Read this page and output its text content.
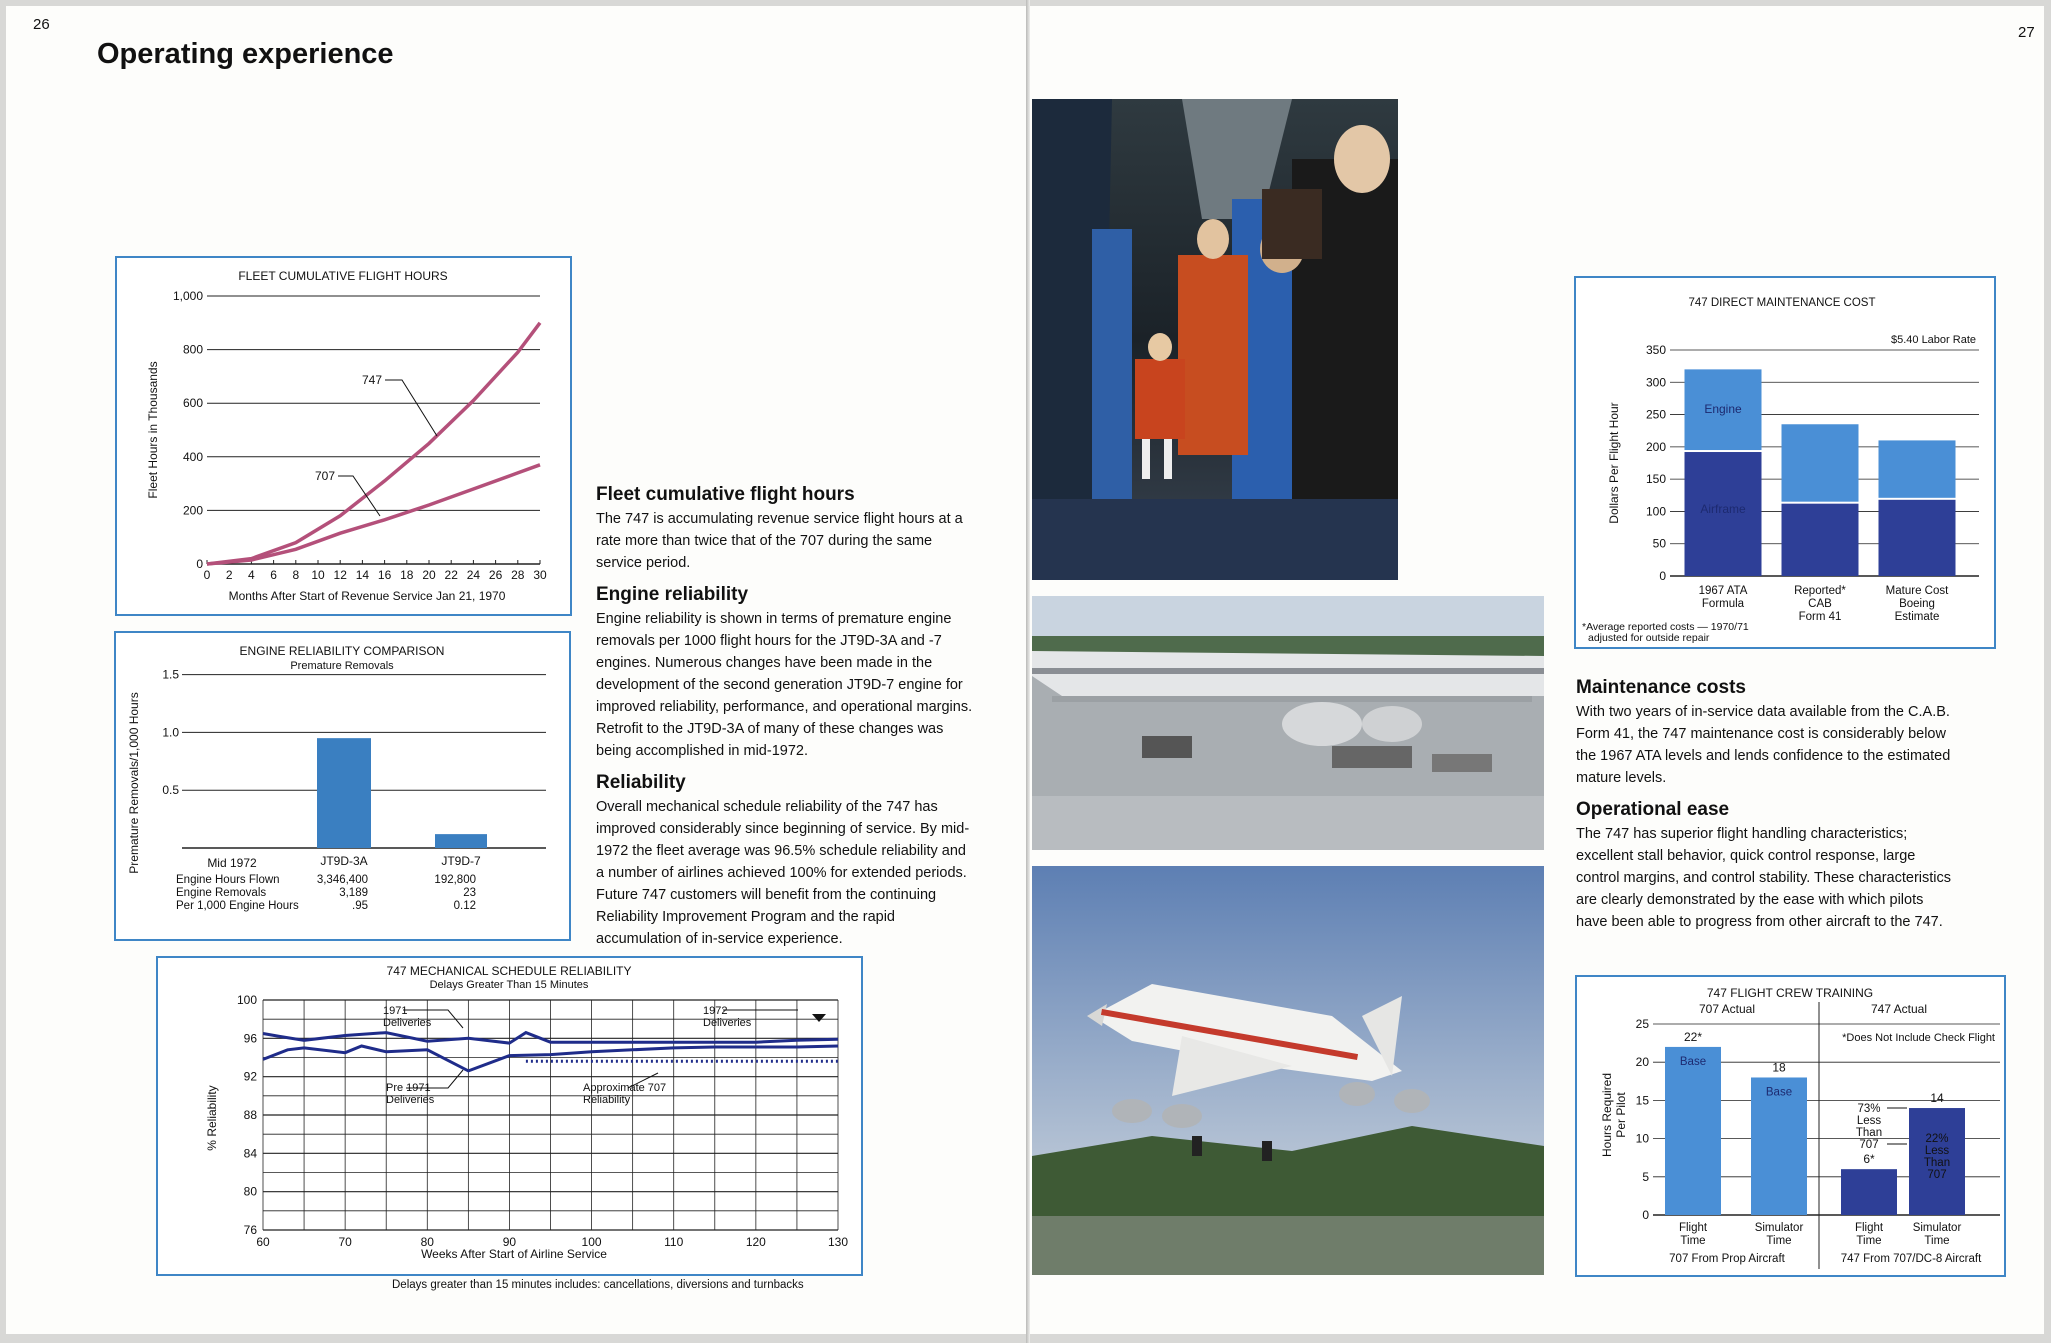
26	27
Operating experience
FLEET CUMULATIVE FLIGHT HOURS
0
200
400
600
800
1,000
0 2 4 6 8 10 12 14 16 18 20 22 24 26 28 30
Months After Start of Revenue Service Jan 21, 1970
Fleet Hours in Thousands	747
707
ENGINE RELIABILITY COMPARISON
Premature Removals
0.5
1.0
1.5
Premature Removals/1,000 Hours	JT9D-3A	JT9D-7
Mid 1972
Engine Hours Flown	3,346,400	192,800
Engine Removals	3,189	23
Per 1,000 Engine Hours	.95	0.12
747 MECHANICAL SCHEDULE RELIABILITY
Delays Greater Than 15 Minutes
76
80
84
88
92
96
100
60	70	80	90	100	110	120	130
Weeks After Start of Airline Service
% Reliability
1971 Deliveries
1972 Deliveries
Pre 1971 Deliveries
Approximate 707 Reliability
Delays greater than 15 minutes includes: cancellations, diversions and turnbacks
Fleet cumulative flight hours

The 747 is accumulating revenue service flight hours at a rate more than twice that of the 707 during the same service period.

Engine reliability

Engine reliability is shown in terms of premature engine removals per 1000 flight hours for the JT9D-3A and -7 engines. Numerous changes have been made in the development of the second generation JT9D-7 engine for improved reliability, performance, and operational margins. Retrofit to the JT9D-3A of many of these changes was being accomplished in mid-1972.

Reliability

Overall mechanical schedule reliability of the 747 has improved considerably since beginning of service. By mid-1972 the fleet average was 96.5% schedule reliability and a number of airlines achieved 100% for extended periods. Future 747 customers will benefit from the continuing Reliability Improvement Program and the rapid accumulation of in-service experience.

747 DIRECT MAINTENANCE COST
$5.40 Labor Rate
0
50
100
150
200
250
300
350
Dollars Per Flight Hour
1967 ATA
Formula
Reported*
CAB
Form 41
Mature Cost
Boeing
Estimate
Engine
Airframe
*Average reported costs — 1970/71
adjusted for outside repair
Maintenance costs

With two years of in-service data available from the C.A.B. Form 41, the 747 maintenance cost is considerably below the 1967 ATA levels and lends confidence to the estimated mature levels.

Operational ease

The 747 has superior flight handling characteristics; excellent stall behavior, quick control response, large control margins, and control stability. These characteristics are clearly demonstrated by the ease with which pilots have been able to progress from other aircraft to the 747.

747 FLIGHT CREW TRAINING
707 Actual	747 Actual
0
5
10
15
20
25
*Does Not Include Check Flight
Hours Required Per Pilot
22*
Flight
Time
18
Simulator
Time
6*
Flight
Time
14
Simulator
Time
Base
Base
73%
Less
Than
707	22%
Less
Than
707
707 From Prop Aircraft	747 From 707/DC-8 Aircraft
